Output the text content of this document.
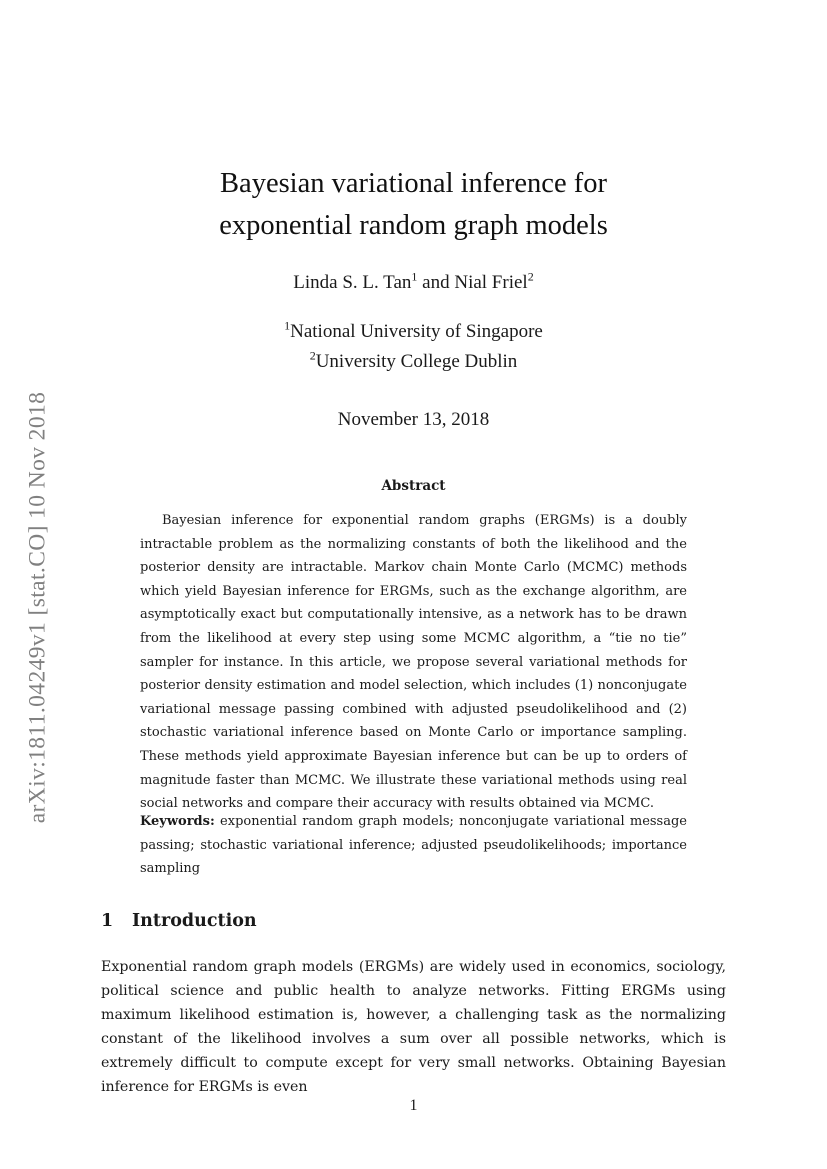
arXiv:1811.04249v1 [stat.CO] 10 Nov 2018
Bayesian variational inference for
exponential random graph models
Linda S. L. Tan$^1$ and Nial Friel$^2$
$^1$National University of Singapore
$^2$University College Dublin
November 13, 2018
Abstract

Bayesian inference for exponential random graphs (ERGMs) is a doubly intractable problem as the normalizing constants of both the likelihood and the posterior density are intractable. Markov chain Monte Carlo (MCMC) methods which yield Bayesian inference for ERGMs, such as the exchange algorithm, are asymptotically exact but computationally intensive, as a network has to be drawn from the likelihood at every step using some MCMC algorithm, a “tie no tie” sampler for instance. In this article, we propose several variational methods for posterior density estimation and model selection, which includes (1) nonconjugate variational message passing combined with adjusted pseudolikelihood and (2) stochastic variational inference based on Monte Carlo or importance sampling. These methods yield approximate Bayesian inference but can be up to orders of magnitude faster than MCMC. We illustrate these variational methods using real social networks and compare their accuracy with results obtained via MCMC.

Keywords: exponential random graph models; nonconjugate variational message passing; stochastic variational inference; adjusted pseudolikelihoods; importance sampling

1 Introduction

Exponential random graph models (ERGMs) are widely used in economics, sociology, political science and public health to analyze networks. Fitting ERGMs using maximum likelihood estimation is, however, a challenging task as the normalizing constant of the likelihood involves a sum over all possible networks, which is extremely difficult to compute except for very small networks. Obtaining Bayesian inference for ERGMs is even

1
